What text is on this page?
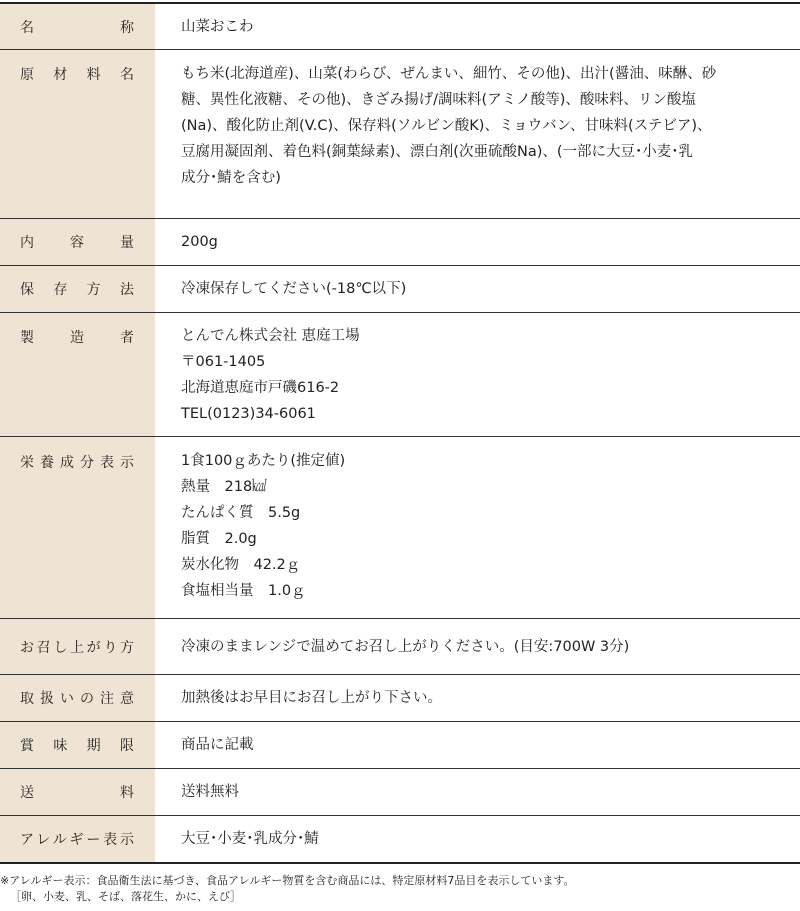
名称	山菜おこわ
原材料名	もち米(北海道産)、山菜(わらび、ぜんまい、細竹、その他)、出汁(醤油、味醂、砂
糖、異性化液糖、その他)、きざみ揚げ/調味料(アミノ酸等)、酸味料、リン酸塩
(Na)、酸化防止剤(V.C)、保存料(ソルビン酸K)、ミョウバン、甘味料(ステビア)、
豆腐用凝固剤、着色料(銅葉緑素)、漂白剤(次亜硫酸Na)、(一部に大豆･小麦･乳
成分･鯖を含む)
内容量	200g
保存方法	冷凍保存してください(-18℃以下)
製造者	とんでん株式会社 恵庭工場
〒061-1405
北海道恵庭市戸磯616-2
TEL(0123)34-6061
栄養成分表示	1食100ｇあたり(推定値)
熱量　218㎉
たんぱく質　5.5g
脂質　2.0g
炭水化物　42.2ｇ
食塩相当量　1.0ｇ
お召し上がり方	冷凍のままレンジで温めてお召し上がりください。(目安:700W 3分)
取扱いの注意	加熱後はお早目にお召し上がり下さい。
賞味期限	商品に記載
送料	送料無料
アレルギー表示	大豆･小麦･乳成分･鯖
※アレルギー表示：食品衛生法に基づき、食品アレルギー物質を含む商品には、特定原材料7品目を表示しています。
［卵、小麦、乳、そば、落花生、かに、えび］
